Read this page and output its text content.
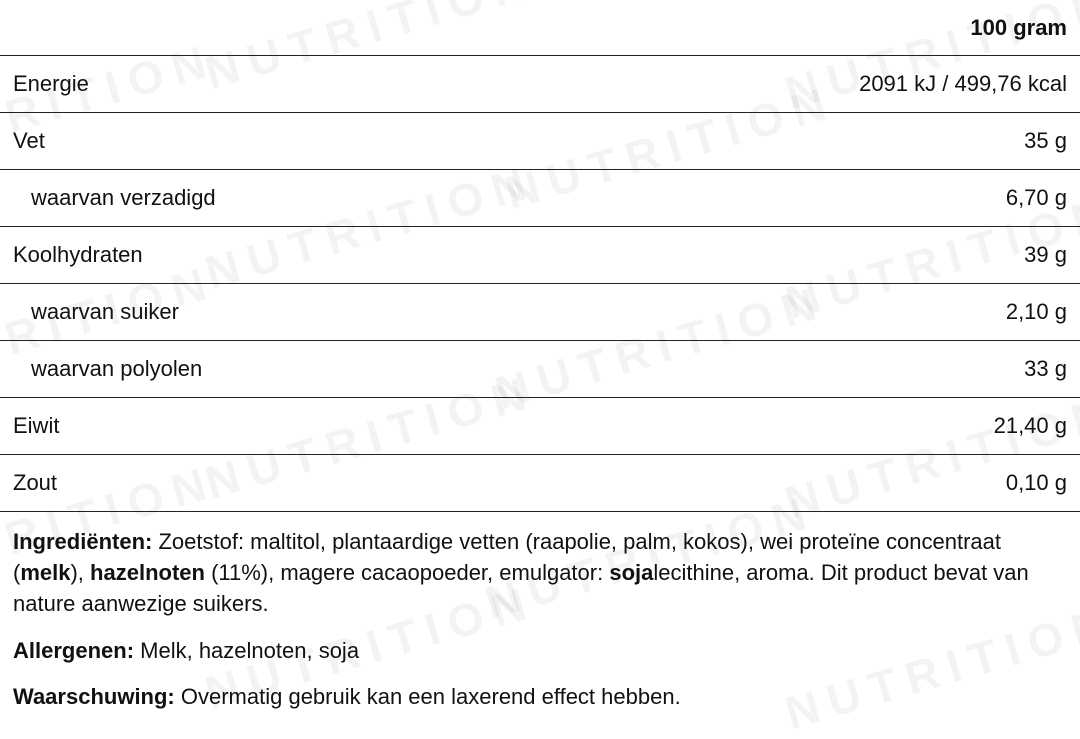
100 gram
Energie	2091 kJ / 499,76 kcal
Vet	35 g
waarvan verzadigd	6,70 g
Koolhydraten	39 g
waarvan suiker	2,10 g
waarvan polyolen	33 g
Eiwit	21,40 g
Zout	0,10 g

Ingrediënten: Zoetstof: maltitol, plantaardige vetten (raapolie, palm, kokos), wei proteïne concentraat (melk), hazelnoten (11%), magere cacaopoeder, emulgator: sojalecithine, aroma. Dit product bevat van nature aanwezige suikers.

Allergenen: Melk, hazelnoten, soja

Waarschuwing: Overmatig gebruik kan een laxerend effect hebben.
